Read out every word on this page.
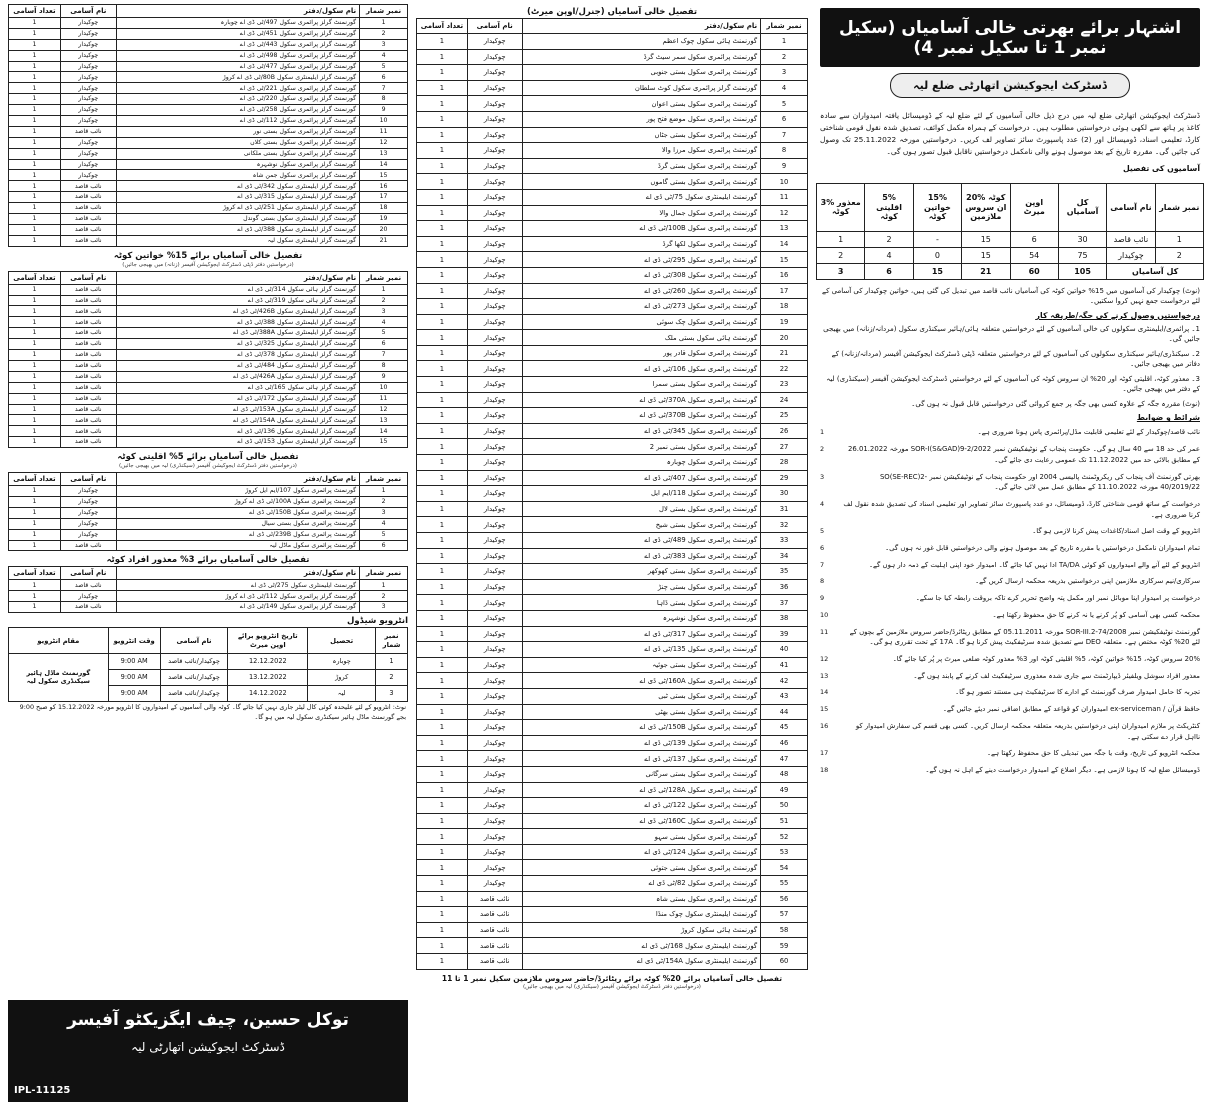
تعداد آسامی	نام آسامی	نام سکول/دفتر	نمبر شمار
1	چوکیدار	گورنمنٹ گرلز پرائمری سکول 497/ٹی ڈی اے چوبارہ	1
1	چوکیدار	گورنمنٹ گرلز پرائمری سکول 451/ٹی ڈی اے	2
1	چوکیدار	گورنمنٹ گرلز پرائمری سکول 443/ٹی ڈی اے	3
1	چوکیدار	گورنمنٹ گرلز پرائمری سکول 498/ٹی ڈی اے	4
1	چوکیدار	گورنمنٹ گرلز پرائمری سکول 477/ٹی ڈی اے	5
1	چوکیدار	گورنمنٹ گرلز ایلیمنٹری سکول 80B/ٹی ڈی اے کروڑ	6
1	چوکیدار	گورنمنٹ گرلز پرائمری سکول 221/ٹی ڈی اے	7
1	چوکیدار	گورنمنٹ گرلز پرائمری سکول 220/ٹی ڈی اے	8
1	چوکیدار	گورنمنٹ گرلز پرائمری سکول 258/ٹی ڈی اے	9
1	چوکیدار	گورنمنٹ گرلز پرائمری سکول 112/ٹی ڈی اے	10
1	نائب قاصد	گورنمنٹ گرلز پرائمری سکول بستی نور	11
1	چوکیدار	گورنمنٹ گرلز پرائمری سکول بستی کلاں	12
1	چوکیدار	گورنمنٹ گرلز پرائمری سکول بستی ملکانی	13
1	چوکیدار	گورنمنٹ گرلز پرائمری سکول نوشہرہ	14
1	چوکیدار	گورنمنٹ گرلز پرائمری سکول جمن شاہ	15
1	نائب قاصد	گورنمنٹ گرلز ایلیمنٹری سکول 342/ٹی ڈی اے	16
1	نائب قاصد	گورنمنٹ گرلز ایلیمنٹری سکول 315/ٹی ڈی اے	17
1	نائب قاصد	گورنمنٹ گرلز ایلیمنٹری سکول 251/ٹی ڈی اے کروڑ	18
1	نائب قاصد	گورنمنٹ گرلز ایلیمنٹری سکول بستی گوندل	19
1	نائب قاصد	گورنمنٹ گرلز ایلیمنٹری سکول 388/ٹی ڈی اے	20
1	نائب قاصد	گورنمنٹ گرلز ایلیمنٹری سکول لیہ	21
تفصیل خالی آسامیاں برائے 15% خواتین کوٹہ
(درخواستیں دفتر ڈپٹی ڈسٹرکٹ ایجوکیشن آفیسر (زنانہ) میں بھیجی جائیں)
تعداد آسامی	نام آسامی	نام سکول/دفتر	نمبر شمار
1	نائب قاصد	گورنمنٹ گرلز ہائی سکول 314/ٹی ڈی اے	1
1	نائب قاصد	گورنمنٹ گرلز ہائی سکول 319/ٹی ڈی اے	2
1	نائب قاصد	گورنمنٹ گرلز ایلیمنٹری سکول 426B/ٹی ڈی اے	3
1	نائب قاصد	گورنمنٹ گرلز ایلیمنٹری سکول 388/ٹی ڈی اے	4
1	نائب قاصد	گورنمنٹ گرلز ایلیمنٹری سکول 388A/ٹی ڈی اے	5
1	نائب قاصد	گورنمنٹ گرلز ایلیمنٹری سکول 325/ٹی ڈی اے	6
1	نائب قاصد	گورنمنٹ گرلز ایلیمنٹری سکول 378/ٹی ڈی اے	7
1	نائب قاصد	گورنمنٹ گرلز ایلیمنٹری سکول 484/ٹی ڈی اے	8
1	نائب قاصد	گورنمنٹ گرلز ایلیمنٹری سکول 426A/ٹی ڈی اے	9
1	نائب قاصد	گورنمنٹ گرلز ہائی سکول 165/ٹی ڈی اے	10
1	نائب قاصد	گورنمنٹ گرلز ایلیمنٹری سکول 172/ٹی ڈی اے	11
1	نائب قاصد	گورنمنٹ گرلز ایلیمنٹری سکول 153A/ٹی ڈی اے	12
1	نائب قاصد	گورنمنٹ گرلز ایلیمنٹری سکول 154A/ٹی ڈی اے	13
1	نائب قاصد	گورنمنٹ گرلز ایلیمنٹری سکول 136/ٹی ڈی اے	14
1	نائب قاصد	گورنمنٹ گرلز ایلیمنٹری سکول 153/ٹی ڈی اے	15
تفصیل خالی آسامیاں برائے 5% اقلیتی کوٹہ
(درخواستیں دفتر ڈسٹرکٹ ایجوکیشن آفیسر (سیکنڈری) لیہ میں بھیجی جائیں)
تعداد آسامی	نام آسامی	نام سکول/دفتر	نمبر شمار
1	چوکیدار	گورنمنٹ پرائمری سکول 107/ایم ایل کروڑ	1
1	چوکیدار	گورنمنٹ پرائمری سکول 100A/ٹی ڈی اے کروڑ	2
1	چوکیدار	گورنمنٹ پرائمری سکول 150B/ٹی ڈی اے	3
1	چوکیدار	گورنمنٹ پرائمری سکول بستی سیال	4
1	چوکیدار	گورنمنٹ پرائمری سکول 239B/ٹی ڈی اے	5
1	نائب قاصد	گورنمنٹ پرائمری سکول ماڈل لیہ	6
تفصیل خالی آسامیاں برائے 3% معذور افراد کوٹہ
تعداد آسامی	نام آسامی	نام سکول/دفتر	نمبر شمار
1	نائب قاصد	گورنمنٹ ایلیمنٹری سکول 275/ٹی ڈی اے	1
1	چوکیدار	گورنمنٹ گرلز پرائمری سکول 112/ٹی ڈی اے کروڑ	2
1	نائب قاصد	گورنمنٹ گرلز پرائمری سکول 149/ٹی ڈی اے	3
انٹرویو شیڈول
مقام انٹرویو	وقت انٹرویو	نام آسامی	تاریخ انٹرویو برائے اوپن میرٹ	تحصیل	نمبر شمار
گورنمنٹ ماڈل ہائیر سیکنڈری سکول لیہ	9:00 AM	چوکیدار/نائب قاصد	12.12.2022	چوبارہ	1
	9:00 AM	چوکیدار/نائب قاصد	13.12.2022	کروڑ	2
	9:00 AM	چوکیدار/نائب قاصد	14.12.2022	لیہ	3
نوٹ: انٹرویو کے لئے علیحدہ کوئی کال لیٹر جاری نہیں کیا جائے گا۔ کوٹہ والی آسامیوں کے امیدواروں کا انٹرویو مورخہ 15.12.2022 کو صبح 9:00 بجے گورنمنٹ ماڈل ہائیر سیکنڈری سکول لیہ میں ہو گا۔
توکل حسین، چیف ایگزیکٹو آفیسر
ڈسٹرکٹ ایجوکیشن اتھارٹی لیہ
IPL-11125
تفصیل خالی آسامیاں (جنرل/اوپن میرٹ)
تعداد آسامی	نام آسامی	نام سکول/دفتر	نمبر شمار
1	چوکیدار	گورنمنٹ ہائی سکول چوک اعظم	1
1	چوکیدار	گورنمنٹ پرائمری سکول سمر سیٹ گرڈ	2
1	چوکیدار	گورنمنٹ پرائمری سکول بستی جنوبی	3
1	چوکیدار	گورنمنٹ گرلز پرائمری سکول کوٹ سلطان	4
1	چوکیدار	گورنمنٹ پرائمری سکول بستی اعوان	5
1	چوکیدار	گورنمنٹ پرائمری سکول موضع فتح پور	6
1	چوکیدار	گورنمنٹ پرائمری سکول بستی جٹاں	7
1	چوکیدار	گورنمنٹ پرائمری سکول مرزا والا	8
1	چوکیدار	گورنمنٹ پرائمری سکول بستی گرڈ	9
1	چوکیدار	گورنمنٹ پرائمری سکول بستی گاموں	10
1	چوکیدار	گورنمنٹ ایلیمنٹری سکول 75/ٹی ڈی اے	11
1	چوکیدار	گورنمنٹ پرائمری سکول جمال والا	12
1	چوکیدار	گورنمنٹ پرائمری سکول 100B/ٹی ڈی اے	13
1	چوکیدار	گورنمنٹ پرائمری سکول لکھا گرڈ	14
1	چوکیدار	گورنمنٹ پرائمری سکول 295/ٹی ڈی اے	15
1	چوکیدار	گورنمنٹ پرائمری سکول 308/ٹی ڈی اے	16
1	چوکیدار	گورنمنٹ پرائمری سکول 260/ٹی ڈی اے	17
1	چوکیدار	گورنمنٹ پرائمری سکول 273/ٹی ڈی اے	18
1	چوکیدار	گورنمنٹ پرائمری سکول چک سوئی	19
1	چوکیدار	گورنمنٹ ہائی سکول بستی ملک	20
1	چوکیدار	گورنمنٹ پرائمری سکول قادر پور	21
1	چوکیدار	گورنمنٹ پرائمری سکول 106/ٹی ڈی اے	22
1	چوکیدار	گورنمنٹ پرائمری سکول بستی سمرا	23
1	چوکیدار	گورنمنٹ پرائمری سکول 370A/ٹی ڈی اے	24
1	چوکیدار	گورنمنٹ پرائمری سکول 370B/ٹی ڈی اے	25
1	چوکیدار	گورنمنٹ پرائمری سکول 345/ٹی ڈی اے	26
1	چوکیدار	گورنمنٹ پرائمری سکول بستی نمبر 2	27
1	چوکیدار	گورنمنٹ پرائمری سکول چوبارہ	28
1	چوکیدار	گورنمنٹ پرائمری سکول 407/ٹی ڈی اے	29
1	چوکیدار	گورنمنٹ پرائمری سکول 118/ایم ایل	30
1	چوکیدار	گورنمنٹ پرائمری سکول بستی لال	31
1	چوکیدار	گورنمنٹ پرائمری سکول بستی شیخ	32
1	چوکیدار	گورنمنٹ پرائمری سکول 489/ٹی ڈی اے	33
1	چوکیدار	گورنمنٹ پرائمری سکول 383/ٹی ڈی اے	34
1	چوکیدار	گورنمنٹ پرائمری سکول بستی کھوکھر	35
1	چوکیدار	گورنمنٹ پرائمری سکول بستی چنڑ	36
1	چوکیدار	گورنمنٹ پرائمری سکول بستی ڈاہا	37
1	چوکیدار	گورنمنٹ پرائمری سکول نوشہرہ	38
1	چوکیدار	گورنمنٹ پرائمری سکول 317/ٹی ڈی اے	39
1	چوکیدار	گورنمنٹ پرائمری سکول 135/ٹی ڈی اے	40
1	چوکیدار	گورنمنٹ پرائمری سکول بستی جوئیہ	41
1	چوکیدار	گورنمنٹ پرائمری سکول 160A/ٹی ڈی اے	42
1	چوکیدار	گورنمنٹ پرائمری سکول بستی ٹبی	43
1	چوکیدار	گورنمنٹ پرائمری سکول بستی بھٹی	44
1	چوکیدار	گورنمنٹ پرائمری سکول 150B/ٹی ڈی اے	45
1	چوکیدار	گورنمنٹ پرائمری سکول 139/ٹی ڈی اے	46
1	چوکیدار	گورنمنٹ پرائمری سکول 137/ٹی ڈی اے	47
1	چوکیدار	گورنمنٹ پرائمری سکول بستی سرگانی	48
1	چوکیدار	گورنمنٹ پرائمری سکول 128A/ٹی ڈی اے	49
1	چوکیدار	گورنمنٹ پرائمری سکول 122/ٹی ڈی اے	50
1	چوکیدار	گورنمنٹ پرائمری سکول 160C/ٹی ڈی اے	51
1	چوکیدار	گورنمنٹ پرائمری سکول بستی سہو	52
1	چوکیدار	گورنمنٹ پرائمری سکول 124/ٹی ڈی اے	53
1	چوکیدار	گورنمنٹ پرائمری سکول بستی جتوئی	54
1	چوکیدار	گورنمنٹ پرائمری سکول 82/ٹی ڈی اے	55
1	نائب قاصد	گورنمنٹ پرائمری سکول بستی شاہ	56
1	نائب قاصد	گورنمنٹ ایلیمنٹری سکول چوک منڈا	57
1	نائب قاصد	گورنمنٹ ہائی سکول کروڑ	58
1	نائب قاصد	گورنمنٹ ایلیمنٹری سکول 168/ٹی ڈی اے	59
1	نائب قاصد	گورنمنٹ ایلیمنٹری سکول 154A/ٹی ڈی اے	60
تفصیل خالی آسامیاں برائے 20% کوٹہ برائے ریٹائرڈ/حاضر سروس ملازمین سکیل نمبر 1 تا 11
(درخواستیں دفتر ڈسٹرکٹ ایجوکیشن آفیسر (سیکنڈری) لیہ میں بھیجی جائیں)
اشتہار برائے بھرتی خالی آسامیاں (سکیل نمبر 1 تا سکیل نمبر 4)
ڈسٹرکٹ ایجوکیشن اتھارٹی ضلع لیہ
ڈسٹرکٹ ایجوکیشن اتھارٹی ضلع لیہ میں درج ذیل خالی آسامیوں کے لئے ضلع لیہ کے ڈومیسائل یافتہ امیدواران سے سادہ کاغذ پر ہاتھ سے لکھی ہوئی درخواستیں مطلوب ہیں۔ درخواست کے ہمراہ مکمل کوائف، تصدیق شدہ نقول قومی شناختی کارڈ، تعلیمی اسناد، ڈومیسائل اور (2) عدد پاسپورٹ سائز تصاویر لف کریں۔ درخواستیں مورخہ 25.11.2022 تک وصول کی جائیں گی۔ مقررہ تاریخ کے بعد موصول ہونے والی نامکمل درخواستیں ناقابل قبول تصور ہوں گی۔
آسامیوں کی تفصیل
3% معذور کوٹہ	5% اقلیتی کوٹہ	15% خواتین کوٹہ	20% کوٹہ ان سروس ملازمین	اوپن میرٹ	کل آسامیاں	نام آسامی	نمبر شمار
1	2	-	15	6	30	نائب قاصد	1
2	4	0	15	54	75	چوکیدار	2
3	6	15	21	60	105	کل آسامیاں	
(نوٹ) چوکیدار کی آسامیوں میں 15% خواتین کوٹہ کی آسامیاں نائب قاصد میں تبدیل کی گئی ہیں، خواتین چوکیدار کی آسامی کے لئے درخواست جمع نہیں کروا سکتیں۔
درخواستیں وصول کرنے کی جگہ/طریقہ کار
1۔ پرائمری/ایلیمنٹری سکولوں کی خالی آسامیوں کے لئے درخواستیں متعلقہ ہائی/ہائیر سیکنڈری سکول (مردانہ/زنانہ) میں بھیجی جائیں گی۔
2۔ سیکنڈری/ہائیر سیکنڈری سکولوں کی آسامیوں کے لئے درخواستیں متعلقہ ڈپٹی ڈسٹرکٹ ایجوکیشن آفیسر (مردانہ/زنانہ) کے دفاتر میں بھیجی جائیں۔
3۔ معذور کوٹہ، اقلیتی کوٹہ اور 20% ان سروس کوٹہ کی آسامیوں کے لئے درخواستیں ڈسٹرکٹ ایجوکیشن آفیسر (سیکنڈری) لیہ کے دفتر میں بھیجی جائیں۔
(نوٹ) مقررہ جگہ کے علاوہ کسی بھی جگہ پر جمع کروائی گئی درخواستیں قابل قبول نہ ہوں گی۔
شرائط و ضوابط
1	نائب قاصد/چوکیدار کے لئے تعلیمی قابلیت مڈل/پرائمری پاس ہونا ضروری ہے۔
2	عمر کی حد 18 سے 40 سال ہو گی۔ حکومت پنجاب کے نوٹیفکیشن نمبر SOR-I(S&GAD)9-2/2022 مورخہ 26.01.2022 کے مطابق بالائی حد میں 11.12.2022 تک عمومی رعایت دی جائے گی۔
3	بھرتی گورنمنٹ آف پنجاب کی ریکروٹمنٹ پالیسی 2004 اور حکومت پنجاب کے نوٹیفکیشن نمبر SO(SE-REC)2-40/2019/22 مورخہ 11.10.2022 کے مطابق عمل میں لائی جائے گی۔
4	درخواست کے ساتھ قومی شناختی کارڈ، ڈومیسائل، دو عدد پاسپورٹ سائز تصاویر اور تعلیمی اسناد کی تصدیق شدہ نقول لف کرنا ضروری ہے۔
5	انٹرویو کے وقت اصل اسناد/کاغذات پیش کرنا لازمی ہو گا۔
6	تمام امیدواران نامکمل درخواستیں یا مقررہ تاریخ کے بعد موصول ہونے والی درخواستیں قابل غور نہ ہوں گی۔
7	انٹرویو کے لئے آنے والے امیدواروں کو کوئی TA/DA ادا نہیں کیا جائے گا۔ امیدوار خود اپنی اہلیت کے ذمہ دار ہوں گے۔
8	سرکاری/نیم سرکاری ملازمین اپنی درخواستیں بذریعہ محکمہ ارسال کریں گے۔
9	درخواست پر امیدوار اپنا موبائل نمبر اور مکمل پتہ واضح تحریر کرے تاکہ بروقت رابطہ کیا جا سکے۔
10	محکمہ کسی بھی آسامی کو پُر کرنے یا نہ کرنے کا حق محفوظ رکھتا ہے۔
11	گورنمنٹ نوٹیفکیشن نمبر SOR-III.2-74/2008 مورخہ 05.11.2011 کے مطابق ریٹائرڈ/حاضر سروس ملازمین کے بچوں کے لئے 20% کوٹہ مختص ہے۔ متعلقہ DEO سے تصدیق شدہ سرٹیفکیٹ پیش کرنا ہو گا۔ 17A کے تحت تقرری ہو گی۔
12	20% سروس کوٹہ، 15% خواتین کوٹہ، 5% اقلیتی کوٹہ اور 3% معذور کوٹہ ضلعی میرٹ پر پُر کیا جائے گا۔
13	معذور افراد سوشل ویلفیئر ڈیپارٹمنٹ سے جاری شدہ معذوری سرٹیفکیٹ لف کرنے کے پابند ہوں گے۔
14	تجربہ کا حامل امیدوار صرف گورنمنٹ کے ادارے کا سرٹیفکیٹ ہی مستند تصور ہو گا۔
15	حافظ قرآن / ex-serviceman امیدواران کو قواعد کے مطابق اضافی نمبر دیئے جائیں گے۔
16	کنٹریکٹ پر ملازم امیدواران اپنی درخواستیں بذریعہ متعلقہ محکمہ ارسال کریں۔ کسی بھی قسم کی سفارش امیدوار کو نااہل قرار دے سکتی ہے۔
17	محکمہ انٹرویو کی تاریخ، وقت یا جگہ میں تبدیلی کا حق محفوظ رکھتا ہے۔
18	ڈومیسائل ضلع لیہ کا ہونا لازمی ہے۔ دیگر اضلاع کے امیدوار درخواست دینے کے اہل نہ ہوں گے۔
